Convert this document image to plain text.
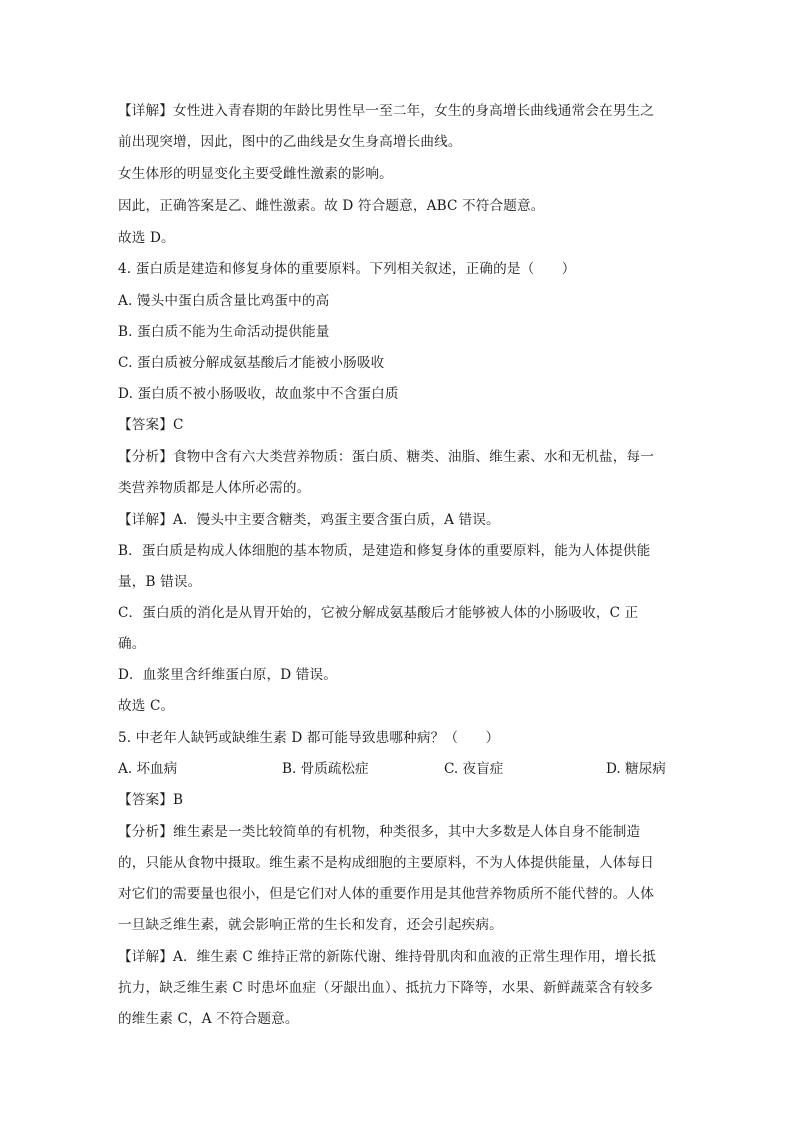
【详解】女性进入青春期的年龄比男性早一至二年，女生的身高增长曲线通常会在男生之
前出现突增，因此，图中的乙曲线是女生身高增长曲线。
女生体形的明显变化主要受雌性激素的影响。
因此，正确答案是乙、雌性激素。故 D 符合题意，ABC 不符合题意。
故选 D。
4. 蛋白质是建造和修复身体的重要原料。下列相关叙述，正确的是（　　）
A. 馒头中蛋白质含量比鸡蛋中的高
B. 蛋白质不能为生命活动提供能量
C. 蛋白质被分解成氨基酸后才能被小肠吸收
D. 蛋白质不被小肠吸收，故血浆中不含蛋白质
【答案】C
【分析】食物中含有六大类营养物质：蛋白质、糖类、油脂、维生素、水和无机盐，每一
类营养物质都是人体所必需的。
【详解】A．馒头中主要含糖类，鸡蛋主要含蛋白质，A 错误。
B．蛋白质是构成人体细胞的基本物质，是建造和修复身体的重要原料，能为人体提供能
量，B 错误。
C．蛋白质的消化是从胃开始的，它被分解成氨基酸后才能够被人体的小肠吸收，C 正
确。
D．血浆里含纤维蛋白原，D 错误。
故选 C。
5. 中老年人缺钙或缺维生素 D 都可能导致患哪种病？（　　）
A. 坏血病	B. 骨质疏松症	C. 夜盲症	D. 糖尿病
【答案】B
【分析】维生素是一类比较简单的有机物，种类很多，其中大多数是人体自身不能制造
的，只能从食物中摄取。维生素不是构成细胞的主要原料，不为人体提供能量，人体每日
对它们的需要量也很小，但是它们对人体的重要作用是其他营养物质所不能代替的。人体
一旦缺乏维生素，就会影响正常的生长和发育，还会引起疾病。
【详解】A．维生素 C 维持正常的新陈代谢、维持骨肌肉和血液的正常生理作用，增长抵
抗力，缺乏维生素 C 时患坏血症（牙龈出血）、抵抗力下降等，水果、新鲜蔬菜含有较多
的维生素 C，A 不符合题意。
